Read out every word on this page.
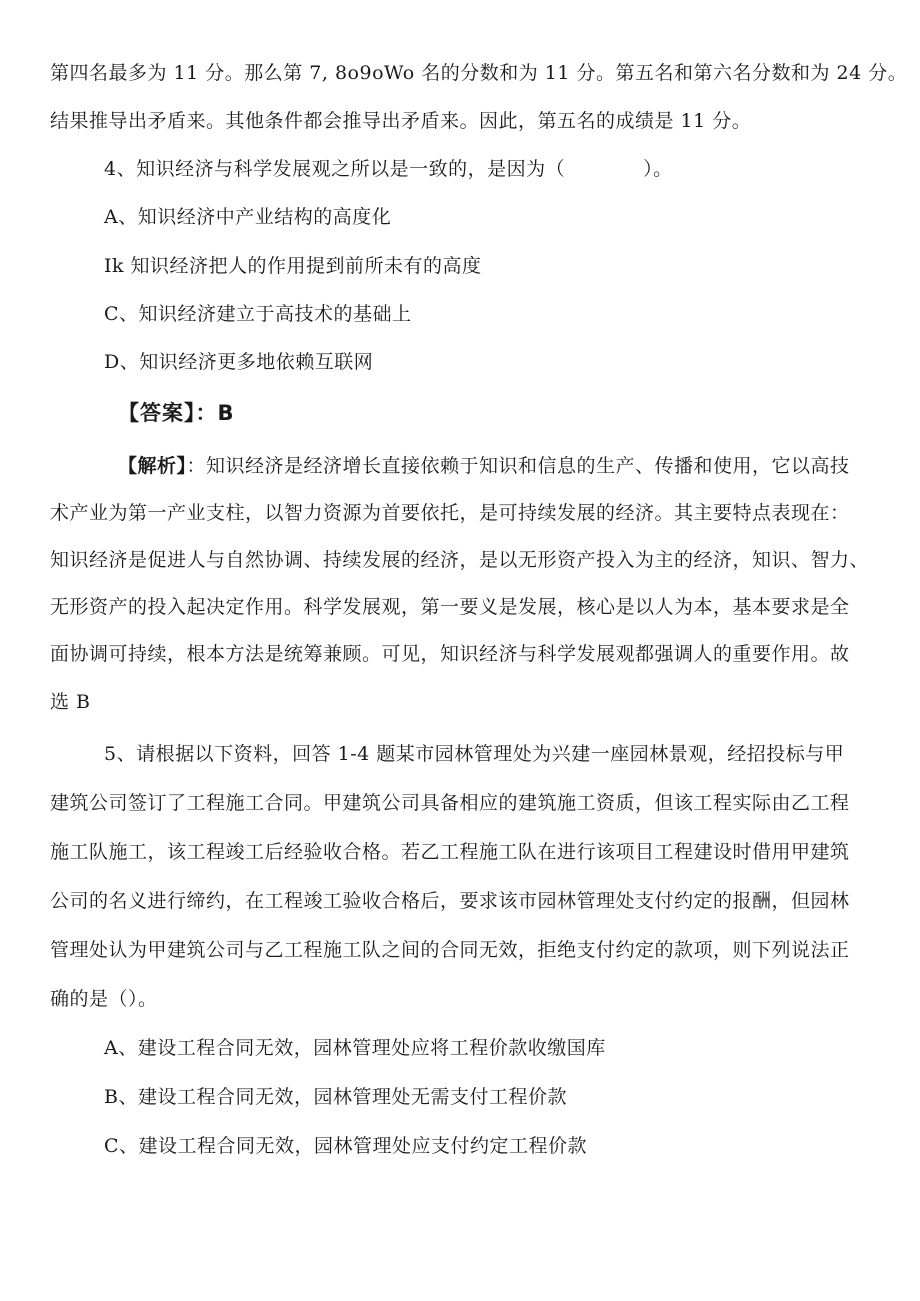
第四名最多为 11 分。那么第 7, 8o9oWo 名的分数和为 11 分。第五名和第六名分数和为 24 分。
结果推导出矛盾来。其他条件都会推导出矛盾来。因此，第五名的成绩是 11 分。
4、知识经济与科学发展观之所以是一致的，是因为（　　　　）。
A、知识经济中产业结构的高度化
Ik 知识经济把人的作用提到前所未有的高度
C、知识经济建立于高技术的基础上
D、知识经济更多地依赖互联网
【答案】：B
【解析】：知识经济是经济增长直接依赖于知识和信息的生产、传播和使用，它以高技
术产业为第一产业支柱，以智力资源为首要依托，是可持续发展的经济。其主要特点表现在：
知识经济是促进人与自然协调、持续发展的经济，是以无形资产投入为主的经济，知识、智力、
无形资产的投入起决定作用。科学发展观，第一要义是发展，核心是以人为本，基本要求是全
面协调可持续，根本方法是统筹兼顾。可见，知识经济与科学发展观都强调人的重要作用。故
选 B
5、请根据以下资料，回答 1-4 题某市园林管理处为兴建一座园林景观，经招投标与甲
建筑公司签订了工程施工合同。甲建筑公司具备相应的建筑施工资质，但该工程实际由乙工程
施工队施工，该工程竣工后经验收合格。若乙工程施工队在进行该项目工程建设时借用甲建筑
公司的名义进行缔约，在工程竣工验收合格后，要求该市园林管理处支付约定的报酬，但园林
管理处认为甲建筑公司与乙工程施工队之间的合同无效，拒绝支付约定的款项，则下列说法正
确的是（）。
A、建设工程合同无效，园林管理处应将工程价款收缴国库
B、建设工程合同无效，园林管理处无需支付工程价款
C、建设工程合同无效，园林管理处应支付约定工程价款
